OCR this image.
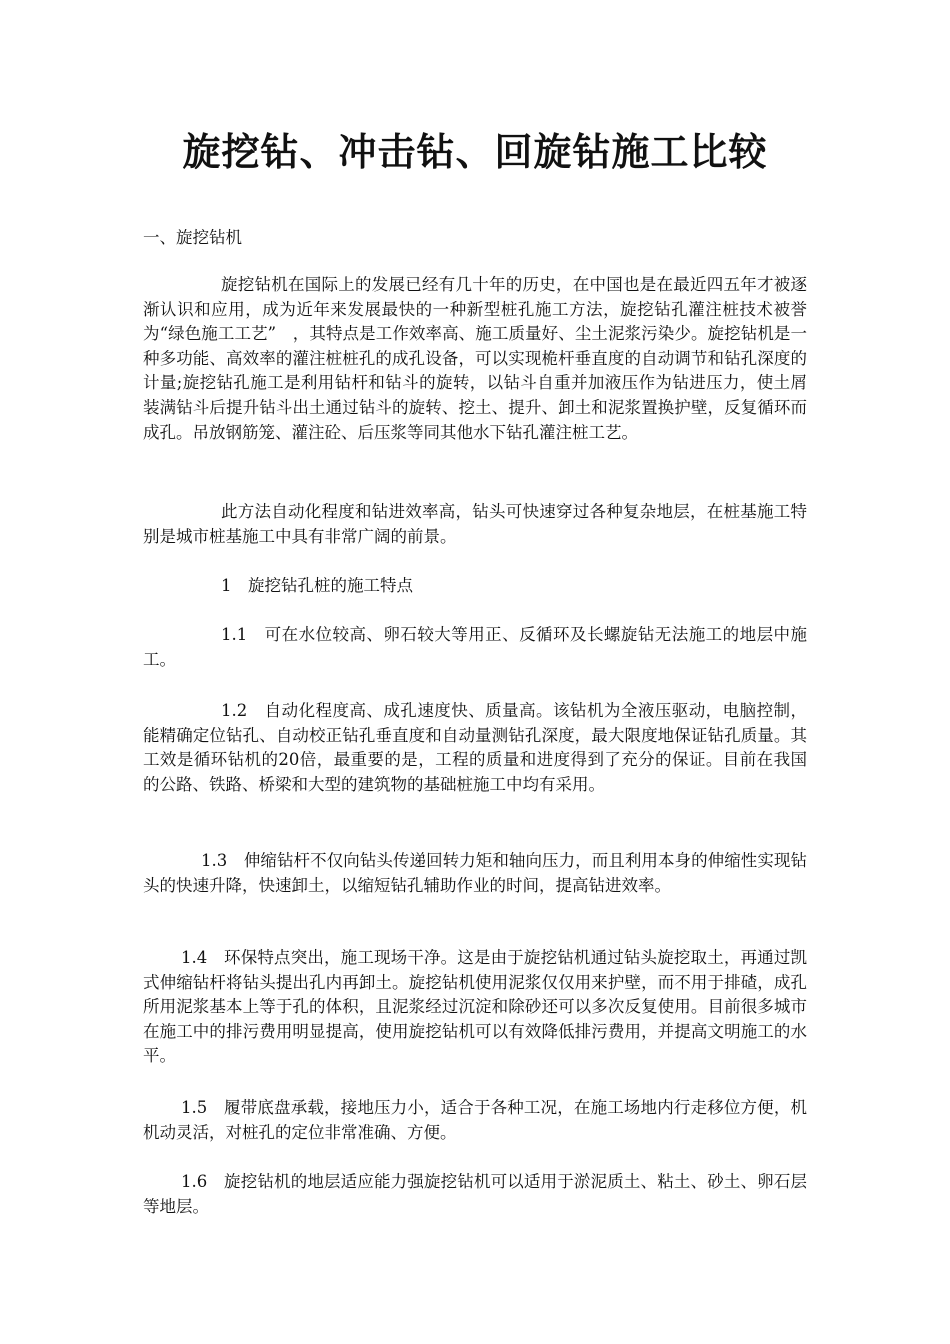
旋挖钻、冲击钻、回旋钻施工比较

一、旋挖钻机

旋挖钻机在国际上的发展已经有几十年的历史，在中国也是在最近四五年才被逐渐认识和应用，成为近年来发展最快的一种新型桩孔施工方法，旋挖钻孔灌注桩技术被誉为“绿色施工工艺”　，其特点是工作效率高、施工质量好、尘土泥浆污染少。旋挖钻机是一种多功能、高效率的灌注桩桩孔的成孔设备，可以实现桅杆垂直度的自动调节和钻孔深度的计量;旋挖钻孔施工是利用钻杆和钻斗的旋转，以钻斗自重并加液压作为钻进压力，使土屑装满钻斗后提升钻斗出土通过钻斗的旋转、挖土、提升、卸土和泥浆置换护壁，反复循环而成孔。吊放钢筋笼、灌注砼、后压浆等同其他水下钻孔灌注桩工艺。

此方法自动化程度和钻进效率高，钻头可快速穿过各种复杂地层，在桩基施工特别是城市桩基施工中具有非常广阔的前景。

1　旋挖钻孔桩的施工特点

1.1　可在水位较高、卵石较大等用正、反循环及长螺旋钻无法施工的地层中施工。

1.2　自动化程度高、成孔速度快、质量高。该钻机为全液压驱动，电脑控制，能精确定位钻孔、自动校正钻孔垂直度和自动量测钻孔深度，最大限度地保证钻孔质量。其工效是循环钻机的20倍，最重要的是，工程的质量和进度得到了充分的保证。目前在我国的公路、铁路、桥梁和大型的建筑物的基础桩施工中均有采用。

1.3　伸缩钻杆不仅向钻头传递回转力矩和轴向压力，而且利用本身的伸缩性实现钻头的快速升降，快速卸土，以缩短钻孔辅助作业的时间，提高钻进效率。

1.4　环保特点突出，施工现场干净。这是由于旋挖钻机通过钻头旋挖取土，再通过凯式伸缩钻杆将钻头提出孔内再卸土。旋挖钻机使用泥浆仅仅用来护壁，而不用于排碴，成孔所用泥浆基本上等于孔的体积，且泥浆经过沉淀和除砂还可以多次反复使用。目前很多城市在施工中的排污费用明显提高，使用旋挖钻机可以有效降低排污费用，并提高文明施工的水平。

1.5　履带底盘承载，接地压力小，适合于各种工况，在施工场地内行走移位方便，机机动灵活，对桩孔的定位非常准确、方便。

1.6　旋挖钻机的地层适应能力强旋挖钻机可以适用于淤泥质土、粘土、砂土、卵石层等地层。
